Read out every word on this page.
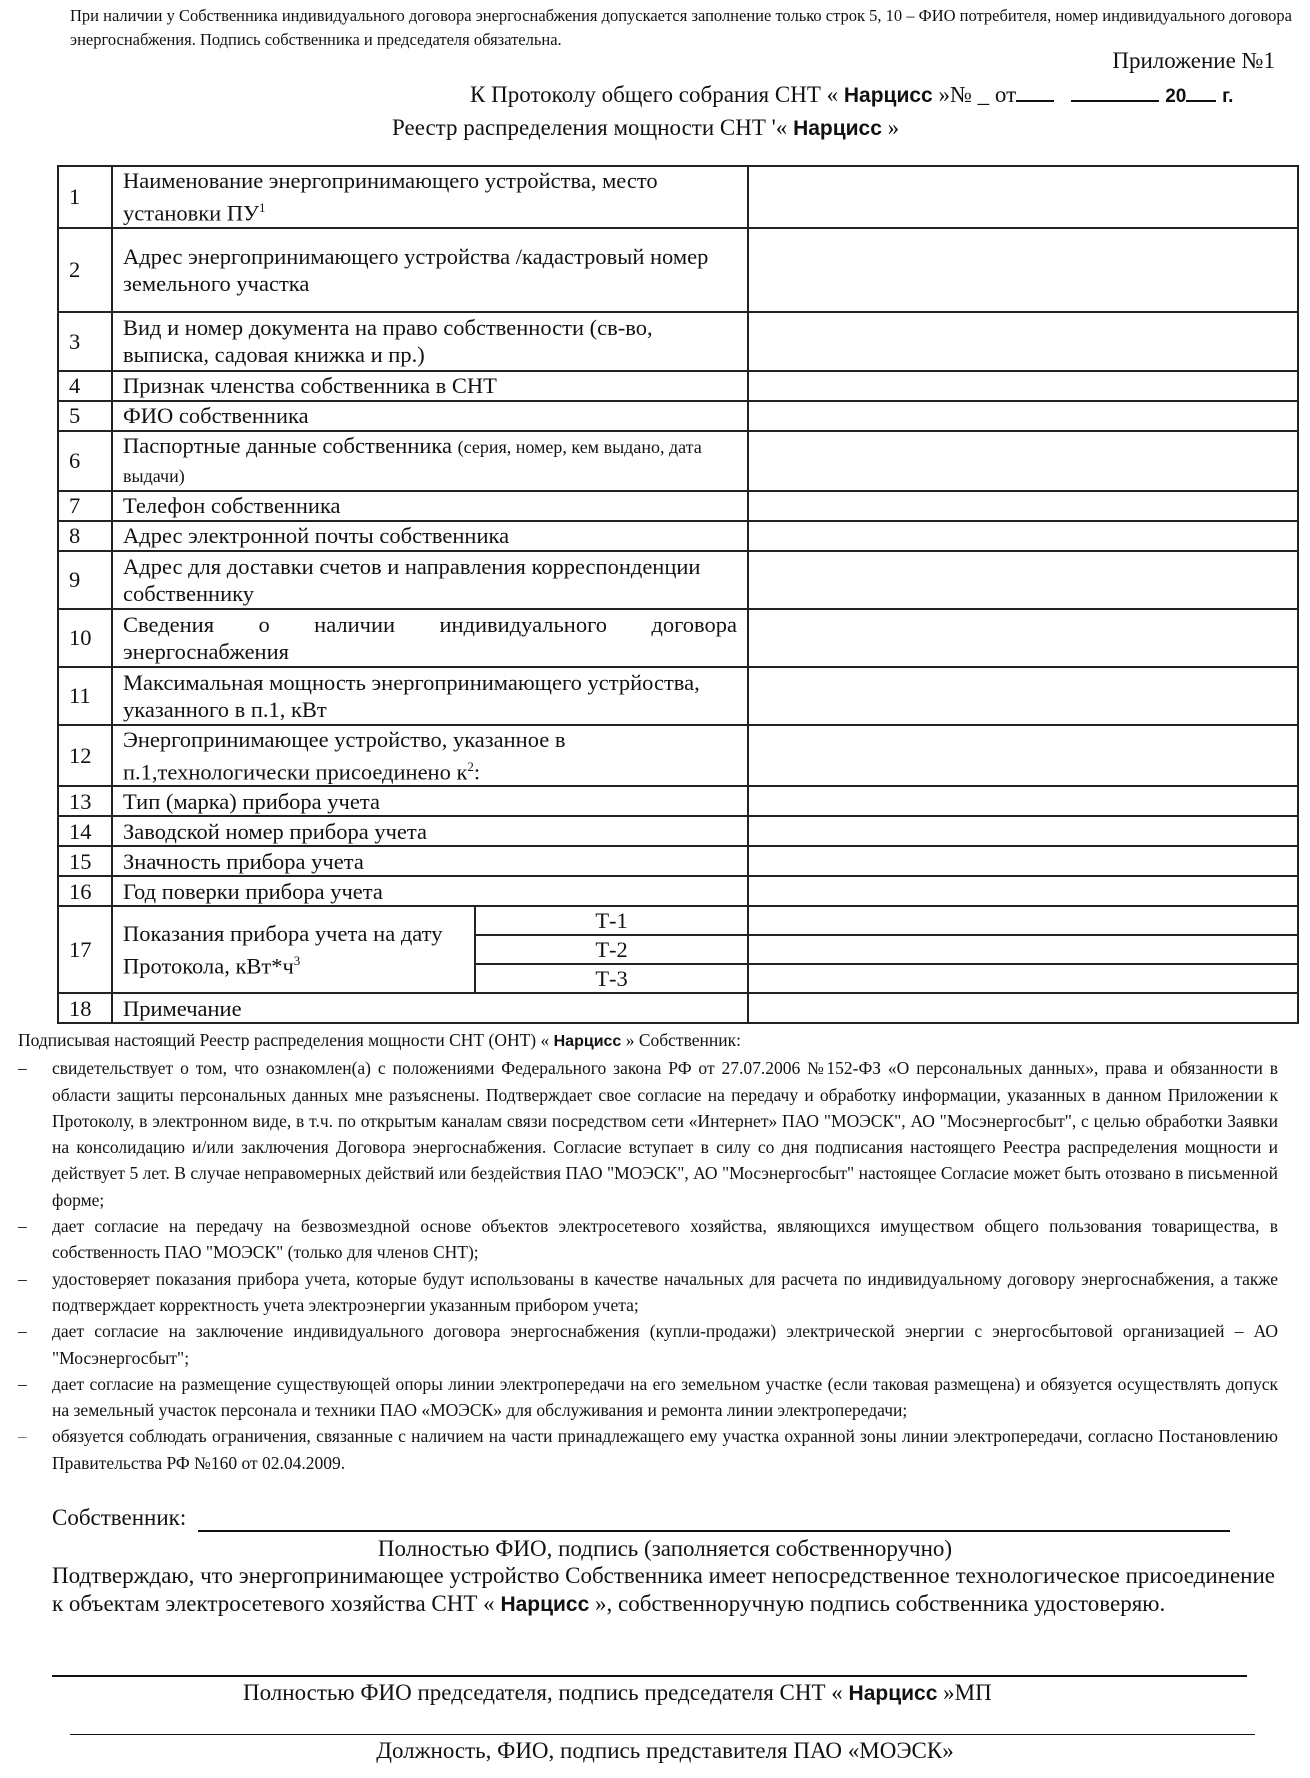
При наличии у Собственника индивидуального договора энергоснабжения допускается заполнение только строк 5, 10 – ФИО потребителя, номер индивидуального договора энергоснабжения. Подпись собственника и председателя обязательна.
Приложение №1
К Протоколу общего собрания СНТ « Нарцисс »№ _ от	20 г.
Реестр распределения мощности СНТ '« Нарцисс »
1	Наименование энергопринимающего устройства, место установки $ПУ^1$	
2	Адрес энергопринимающего устройства /кадастровый номер земельного участка		
3	Вид и номер документа на право собственности (св-во, выписка, садовая книжка и пр.)		
4	Признак членства собственника в СНТ		
5	ФИО собственника		
6	Паспортные данные собственника (серия, номер, кем выдано, дата выдачи)		
7	Телефон собственника		
8	Адрес электронной почты собственника		
9	Адрес для доставки счетов и направления корреспонденции собственнику		
10	Сведения о наличии индивидуального договора энергоснабжения		
11	Максимальная мощность энергопринимающего устрйоства, указанного в п.1, кВт		
12	Энергопринимающее устройство, указанное в п.1,технологически присоединено $к^2$:		
13	Тип (марка) прибора учета		
14	Заводской номер прибора учета		
15	Значность прибора учета		
16	Год поверки прибора учета		
17	Показания прибора учета на дату Протокола, $кВт*ч^3$	Т-1	
		Т-2	
		Т-3	
18	Примечание		
Подписывая настоящий Реестр распределения мощности СНТ (ОНТ) « Нарцисс » Собственник:
– свидетельствует о том, что ознакомлен(а) с положениями Федерального закона РФ от 27.07.2006 №152-ФЗ «О персональных данных», права и обязанности в области защиты персональных данных мне разъяснены. Подтверждает свое согласие на передачу и обработку информации, указанных в данном Приложении к Протоколу, в электронном виде, в т.ч. по открытым каналам связи посредством сети «Интернет» ПАО "МОЭСК", АО "Мосэнергосбыт", с целью обработки Заявки на консолидацию и/или заключения Договора энергоснабжения. Согласие вступает в силу со дня подписания настоящего Реестра распределения мощности и действует 5 лет. В случае неправомерных действий или бездействия ПАО "МОЭСК", АО "Мосэнергосбыт" настоящее Согласие может быть отозвано в письменной форме;
– дает согласие на передачу на безвозмездной основе объектов электросетевого хозяйства, являющихся имуществом общего пользования товарищества, в собственность ПАО "МОЭСК" (только для членов СНТ);
– удостоверяет показания прибора учета, которые будут использованы в качестве начальных для расчета по индивидуальному договору энергоснабжения, а также подтверждает корректность учета электроэнергии указанным прибором учета;
– дает согласие на заключение индивидуального договора энергоснабжения (купли-продажи) электрической энергии с энергосбытовой организацией – АО "Мосэнергосбыт";
– дает согласие на размещение существующей опоры линии электропередачи на его земельном участке (если таковая размещена) и обязуется осуществлять допуск на земельный участок персонала и техники ПАО «МОЭСК» для обслуживания и ремонта линии электропередачи;
– обязуется соблюдать ограничения, связанные с наличием на части принадлежащего ему участка охранной зоны линии электропередачи, согласно Постановлению Правительства РФ №160 от 02.04.2009.
Собственник:
Полностью ФИО, подпись (заполняется собственноручно)
Подтверждаю, что энергопринимающее устройство Собственника имеет непосредственное технологическое присоединение к объектам электросетевого хозяйства СНТ « Нарцисс », собственноручную подпись собственника удостоверяю.
Полностью ФИО председателя, подпись председателя СНТ « Нарцисс »МП
Должность, ФИО, подпись представителя ПАО «МОЭСК»
